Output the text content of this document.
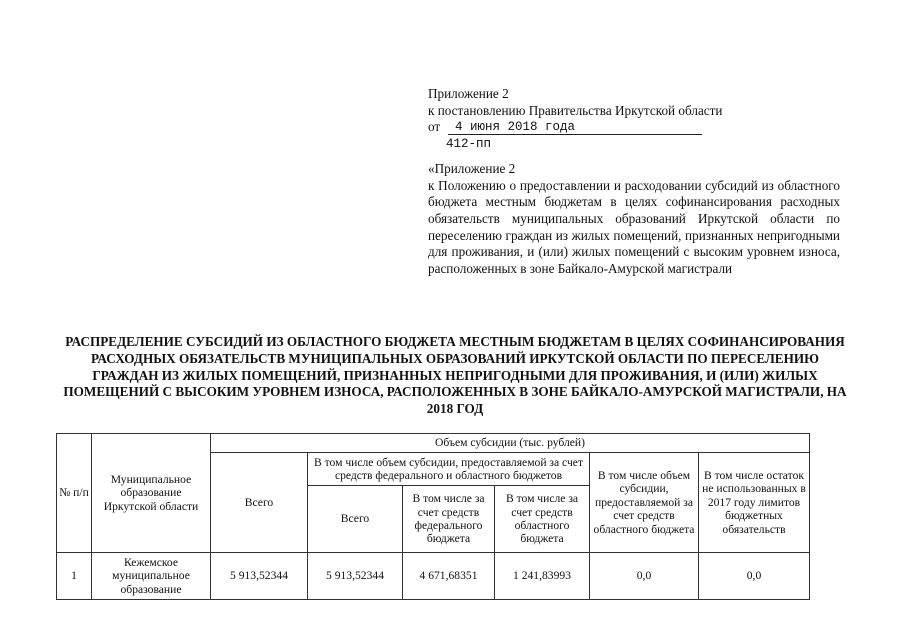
Приложение 2
к постановлению Правительства Иркутской области
от 4 июня 2018 года
412-пп
«Приложение 2
к Положению о предоставлении и расходовании субсидий из областного бюджета местным бюджетам в целях софинансирования расходных обязательств муниципальных образований Иркутской области по переселению граждан из жилых помещений, признанных непригодными для проживания, и (или) жилых помещений с высоким уровнем износа, расположенных в зоне Байкало-Амурской магистрали
РАСПРЕДЕЛЕНИЕ СУБСИДИЙ ИЗ ОБЛАСТНОГО БЮДЖЕТА МЕСТНЫМ БЮДЖЕТАМ В ЦЕЛЯХ СОФИНАНСИРОВАНИЯ РАСХОДНЫХ ОБЯЗАТЕЛЬСТВ МУНИЦИПАЛЬНЫХ ОБРАЗОВАНИЙ ИРКУТСКОЙ ОБЛАСТИ ПО ПЕРЕСЕЛЕНИЮ ГРАЖДАН ИЗ ЖИЛЫХ ПОМЕЩЕНИЙ, ПРИЗНАННЫХ НЕПРИГОДНЫМИ ДЛЯ ПРОЖИВАНИЯ, И (ИЛИ) ЖИЛЫХ ПОМЕЩЕНИЙ С ВЫСОКИМ УРОВНЕМ ИЗНОСА, РАСПОЛОЖЕННЫХ В ЗОНЕ БАЙКАЛО-АМУРСКОЙ МАГИСТРАЛИ, НА 2018 ГОД
№ п/п	Муниципальное образование Иркутской области	Объем субсидии (тыс. рублей)					
		Всего	В том числе объем субсидии, предоставляемой за счет средств федерального и областного бюджетов			В том числе объем субсидии, предоставляемой за счет средств областного бюджета	В том числе остаток не использованных в 2017 году лимитов бюджетных обязательств
			Всего	В том числе за счет средств федерального бюджета	В том числе за счет средств областного бюджета		
1	Кежемское муниципальное образование	5 913,52344	5 913,52344	4 671,68351	1 241,83993	0,0	0,0
